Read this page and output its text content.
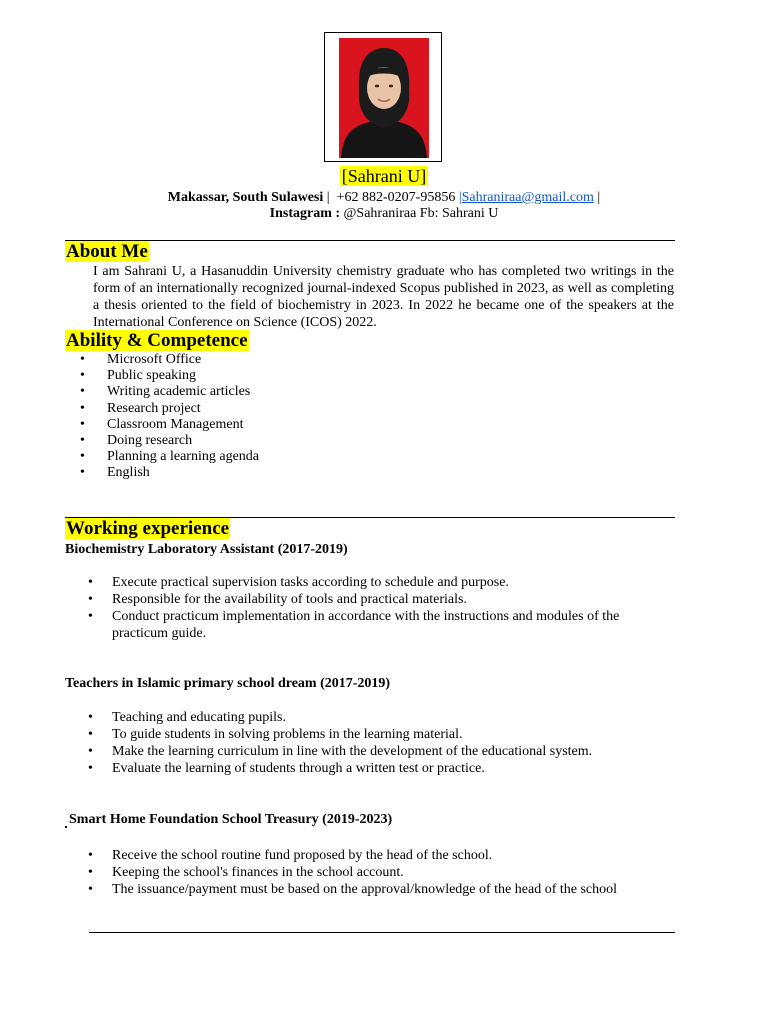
[Sahrani U]
Makassar, South Sulawesi | +62 882-0207-95856 |Sahraniraa@gmail.com |
Instagram : @Sahraniraa Fb: Sahrani U
About Me
I am Sahrani U, a Hasanuddin University chemistry graduate who has completed two writings in the form of an internationally recognized journal-indexed Scopus published in 2023, as well as completing a thesis oriented to the field of biochemistry in 2023. In 2022 he became one of the speakers at the International Conference on Science (ICOS) 2022.
Ability & Competence
• Microsoft Office
• Public speaking
• Writing academic articles
• Research project
• Classroom Management
• Doing research
• Planning a learning agenda
• English
Working experience
Biochemistry Laboratory Assistant (2017-2019)
• Execute practical supervision tasks according to schedule and purpose.
• Responsible for the availability of tools and practical materials.
• Conduct practicum implementation in accordance with the instructions and modules of the practicum guide.
Teachers in Islamic primary school dream (2017-2019)
• Teaching and educating pupils.
• To guide students in solving problems in the learning material.
• Make the learning curriculum in line with the development of the educational system.
• Evaluate the learning of students through a written test or practice.
Smart Home Foundation School Treasury (2019-2023)
• Receive the school routine fund proposed by the head of the school.
• Keeping the school's finances in the school account.
• The issuance/payment must be based on the approval/knowledge of the head of the school
